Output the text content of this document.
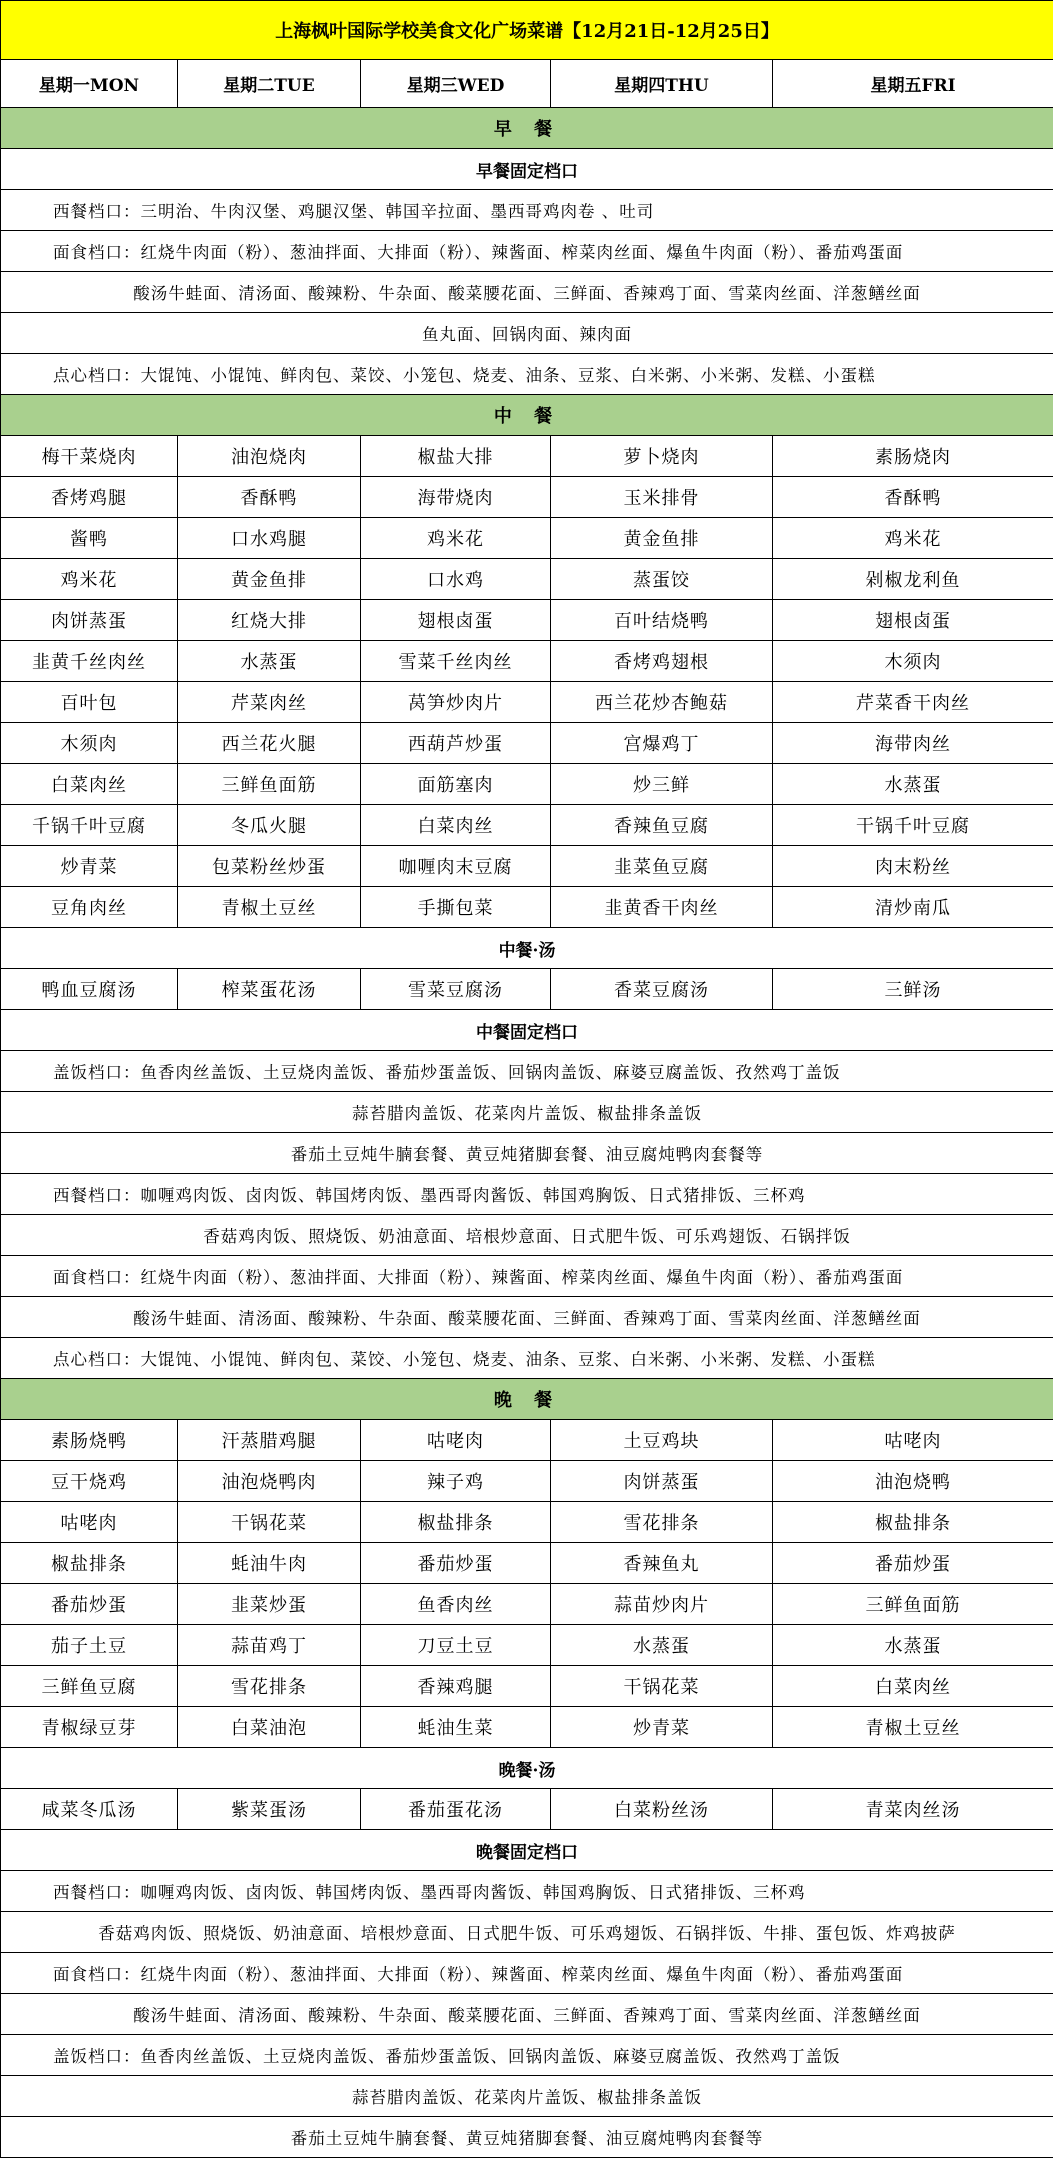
上海枫叶国际学校美食文化广场菜谱【12月21日-12月25日】				
星期一MON	星期二TUE	星期三WED	星期四THU	星期五FRI
早 餐				
早餐固定档口				
西餐档口：三明治、牛肉汉堡、鸡腿汉堡、韩国辛拉面、墨西哥鸡肉卷 、吐司				
面食档口：红烧牛肉面（粉）、葱油拌面、大排面（粉）、辣酱面、榨菜肉丝面、爆鱼牛肉面（粉）、番茄鸡蛋面				
酸汤牛蛙面、清汤面、酸辣粉、牛杂面、酸菜腰花面、三鲜面、香辣鸡丁面、雪菜肉丝面、洋葱鳝丝面				
鱼丸面、回锅肉面、辣肉面				
点心档口：大馄饨、小馄饨、鲜肉包、菜饺、小笼包、烧麦、油条、豆浆、白米粥、小米粥、发糕、小蛋糕				
中 餐				
梅干菜烧肉	油泡烧肉	椒盐大排	萝卜烧肉	素肠烧肉
香烤鸡腿	香酥鸭	海带烧肉	玉米排骨	香酥鸭
酱鸭	口水鸡腿	鸡米花	黄金鱼排	鸡米花
鸡米花	黄金鱼排	口水鸡	蒸蛋饺	剁椒龙利鱼
肉饼蒸蛋	红烧大排	翅根卤蛋	百叶结烧鸭	翅根卤蛋
韭黄千丝肉丝	水蒸蛋	雪菜千丝肉丝	香烤鸡翅根	木须肉
百叶包	芹菜肉丝	莴笋炒肉片	西兰花炒杏鲍菇	芹菜香干肉丝
木须肉	西兰花火腿	西葫芦炒蛋	宫爆鸡丁	海带肉丝
白菜肉丝	三鲜鱼面筋	面筋塞肉	炒三鲜	水蒸蛋
千锅千叶豆腐	冬瓜火腿	白菜肉丝	香辣鱼豆腐	干锅千叶豆腐
炒青菜	包菜粉丝炒蛋	咖喱肉末豆腐	韭菜鱼豆腐	肉末粉丝
豆角肉丝	青椒土豆丝	手撕包菜	韭黄香干肉丝	清炒南瓜
中餐·汤				
鸭血豆腐汤	榨菜蛋花汤	雪菜豆腐汤	香菜豆腐汤	三鲜汤
中餐固定档口				
盖饭档口：鱼香肉丝盖饭、土豆烧肉盖饭、番茄炒蛋盖饭、回锅肉盖饭、麻婆豆腐盖饭、孜然鸡丁盖饭				
蒜苔腊肉盖饭、花菜肉片盖饭、椒盐排条盖饭				
番茄土豆炖牛腩套餐、黄豆炖猪脚套餐、油豆腐炖鸭肉套餐等				
西餐档口：咖喱鸡肉饭、卤肉饭、韩国烤肉饭、墨西哥肉酱饭、韩国鸡胸饭、日式猪排饭、三杯鸡				
香菇鸡肉饭、照烧饭、奶油意面、培根炒意面、日式肥牛饭、可乐鸡翅饭、石锅拌饭				
面食档口：红烧牛肉面（粉）、葱油拌面、大排面（粉）、辣酱面、榨菜肉丝面、爆鱼牛肉面（粉）、番茄鸡蛋面				
酸汤牛蛙面、清汤面、酸辣粉、牛杂面、酸菜腰花面、三鲜面、香辣鸡丁面、雪菜肉丝面、洋葱鳝丝面				
点心档口：大馄饨、小馄饨、鲜肉包、菜饺、小笼包、烧麦、油条、豆浆、白米粥、小米粥、发糕、小蛋糕				
晚 餐				
素肠烧鸭	汗蒸腊鸡腿	咕咾肉	土豆鸡块	咕咾肉
豆干烧鸡	油泡烧鸭肉	辣子鸡	肉饼蒸蛋	油泡烧鸭
咕咾肉	干锅花菜	椒盐排条	雪花排条	椒盐排条
椒盐排条	蚝油牛肉	番茄炒蛋	香辣鱼丸	番茄炒蛋
番茄炒蛋	韭菜炒蛋	鱼香肉丝	蒜苗炒肉片	三鲜鱼面筋
茄子土豆	蒜苗鸡丁	刀豆土豆	水蒸蛋	水蒸蛋
三鲜鱼豆腐	雪花排条	香辣鸡腿	干锅花菜	白菜肉丝
青椒绿豆芽	白菜油泡	蚝油生菜	炒青菜	青椒土豆丝
晚餐·汤				
咸菜冬瓜汤	紫菜蛋汤	番茄蛋花汤	白菜粉丝汤	青菜肉丝汤
晚餐固定档口				
西餐档口：咖喱鸡肉饭、卤肉饭、韩国烤肉饭、墨西哥肉酱饭、韩国鸡胸饭、日式猪排饭、三杯鸡				
香菇鸡肉饭、照烧饭、奶油意面、培根炒意面、日式肥牛饭、可乐鸡翅饭、石锅拌饭、牛排、蛋包饭、炸鸡披萨				
面食档口：红烧牛肉面（粉）、葱油拌面、大排面（粉）、辣酱面、榨菜肉丝面、爆鱼牛肉面（粉）、番茄鸡蛋面				
酸汤牛蛙面、清汤面、酸辣粉、牛杂面、酸菜腰花面、三鲜面、香辣鸡丁面、雪菜肉丝面、洋葱鳝丝面				
盖饭档口：鱼香肉丝盖饭、土豆烧肉盖饭、番茄炒蛋盖饭、回锅肉盖饭、麻婆豆腐盖饭、孜然鸡丁盖饭				
蒜苔腊肉盖饭、花菜肉片盖饭、椒盐排条盖饭				
番茄土豆炖牛腩套餐、黄豆炖猪脚套餐、油豆腐炖鸭肉套餐等				
